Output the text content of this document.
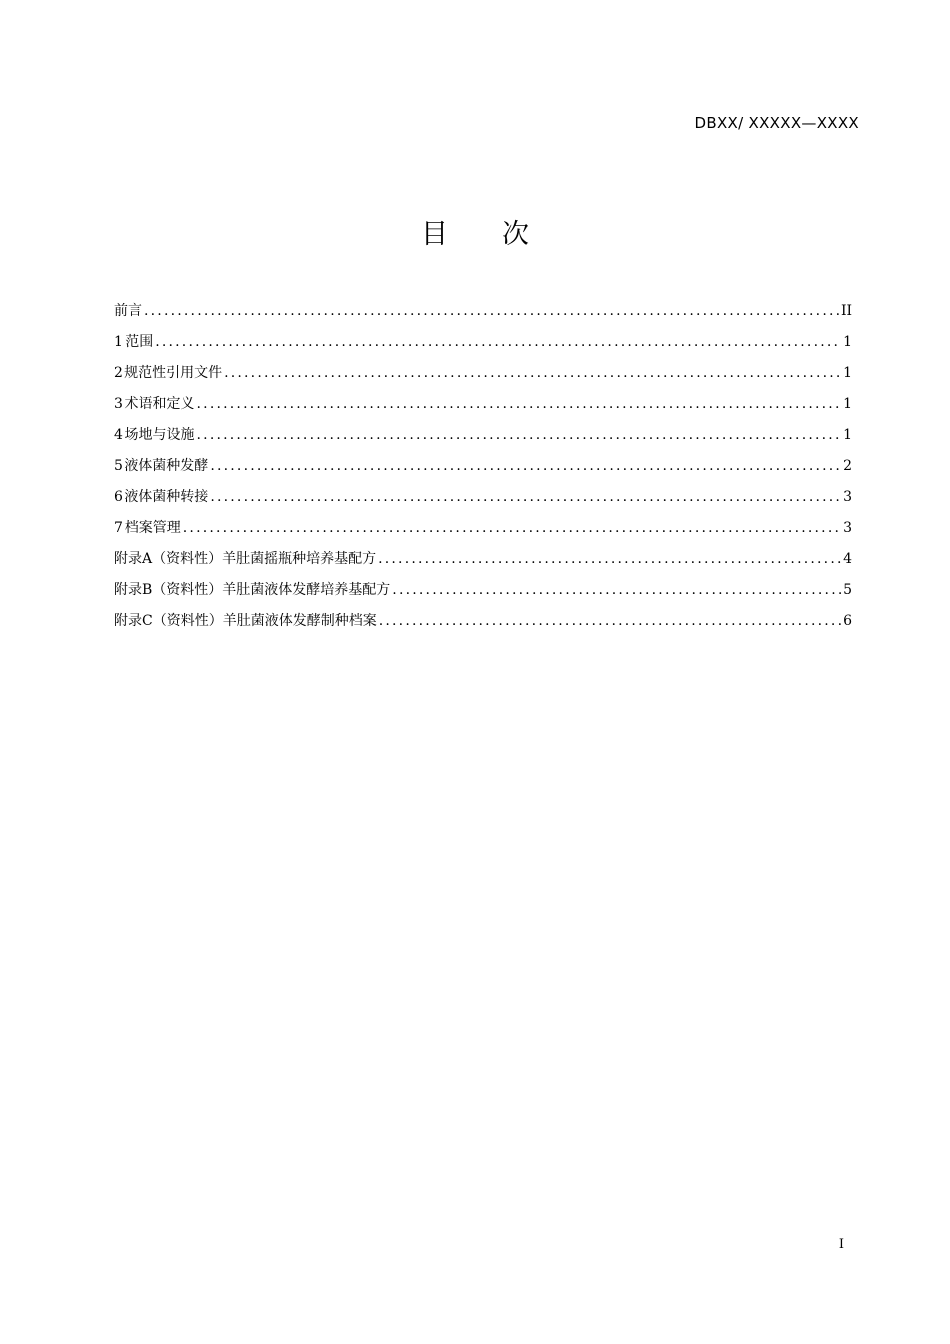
DBXX/ XXXXX—XXXX
目 次
前言 .....	II
1 范围 .....	1
2 规范性引用文件 .....	1
3 术语和定义 .....	1
4 场地与设施 .....	1
5 液体菌种发酵 .....	2
6 液体菌种转接 .....	3
7 档案管理 .....	3
附录A（资料性）羊肚菌摇瓶种培养基配方 .....	4
附录B（资料性）羊肚菌液体发酵培养基配方 .....	5
附录C（资料性）羊肚菌液体发酵制种档案 .....	6
I
